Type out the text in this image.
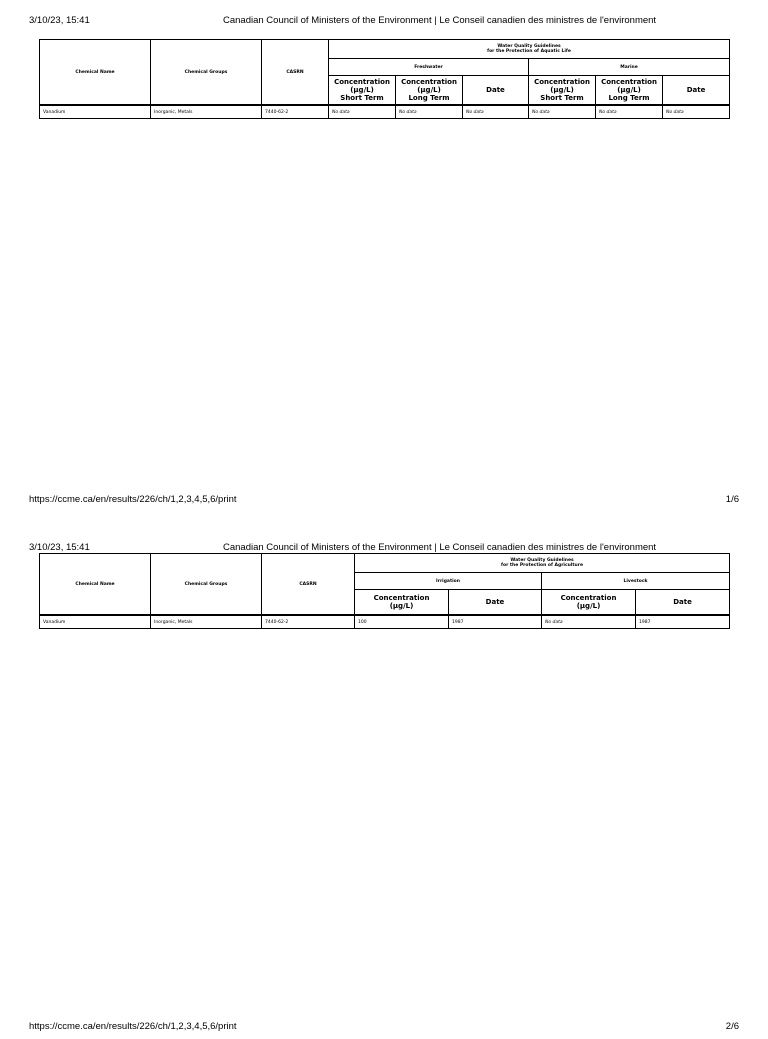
3/10/23, 15:41	Canadian Council of Ministers of the Environment | Le Conseil canadien des ministres de l'environment
Chemical Name	Chemical Groups	CASRN	Water Quality Guidelines
for the Protection of Aquatic Life					
			Freshwater			Marine		
			Concentration
(µg/L)
Short Term	Concentration
(µg/L)
Long Term	Date	Concentration
(µg/L)
Short Term	Concentration
(µg/L)
Long Term	Date
Vanadium	Inorganic, Metals	7440-62-2	No data	No data	No data	No data	No data	No data
https://ccme.ca/en/results/226/ch/1,2,3,4,5,6/print	1/6
3/10/23, 15:41	Canadian Council of Ministers of the Environment | Le Conseil canadien des ministres de l'environment
Chemical Name	Chemical Groups	CASRN	Water Quality Guidelines
for the Protection of Agriculture			
			Irrigation		Livestock	
			Concentration
(µg/L)	Date	Concentration
(µg/L)	Date
Vanadium	Inorganic, Metals	7440-62-2	100	1987	No data	1987
https://ccme.ca/en/results/226/ch/1,2,3,4,5,6/print	2/6
